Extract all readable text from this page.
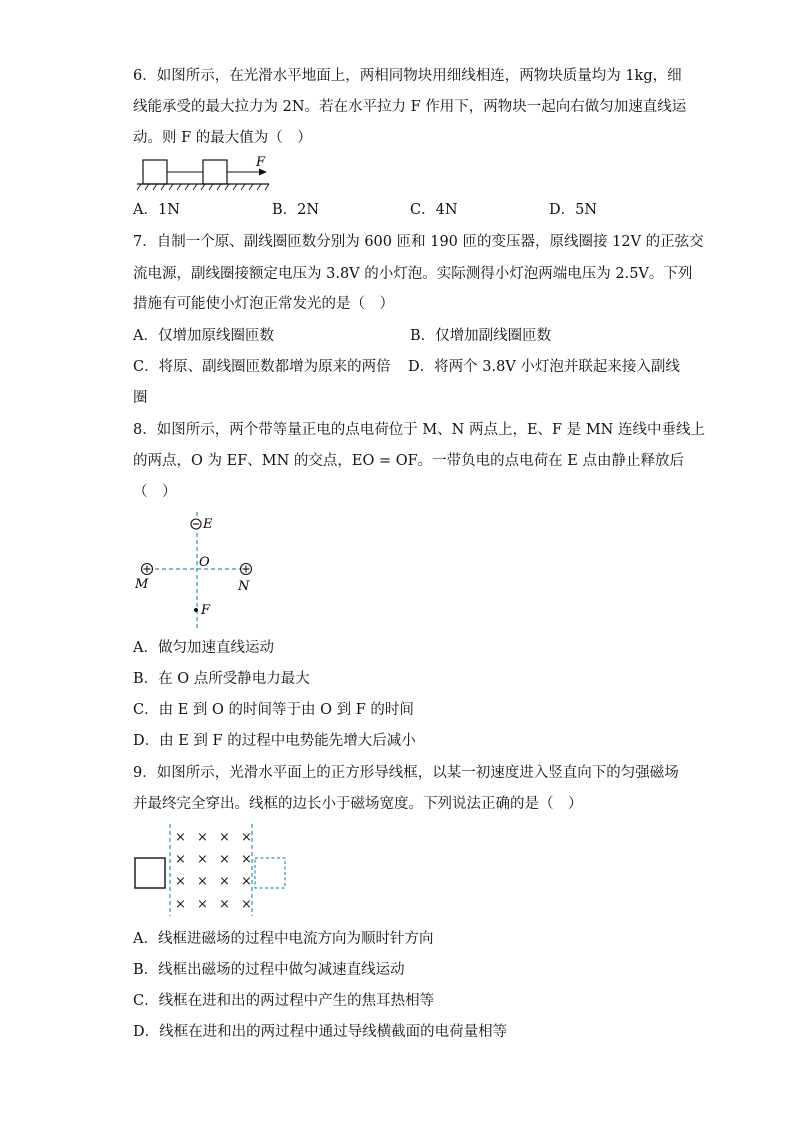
6．如图所示，在光滑水平地面上，两相同物块用细线相连，两物块质量均为 1kg，细
线能承受的最大拉力为 2N。若在水平拉力 F 作用下，两物块一起向右做匀加速直线运
动。则 F 的最大值为（　）
F
A．1N	B．2N	C．4N	D．5N
7．自制一个原、副线圈匝数分别为 600 匝和 190 匝的变压器，原线圈接 12V 的正弦交
流电源，副线圈接额定电压为 3.8V 的小灯泡。实际测得小灯泡两端电压为 2.5V。下列
措施有可能使小灯泡正常发光的是（　）
A．仅增加原线圈匝数	B．仅增加副线圈匝数
C．将原、副线圈匝数都增为原来的两倍 D．将两个 3.8V 小灯泡并联起来接入副线
圈
8．如图所示，两个带等量正电的点电荷位于 M、N 两点上，E、F 是 MN 连线中垂线上
的两点，O 为 EF、MN 的交点，EO = OF。一带负电的点电荷在 E 点由静止释放后
（　）
E
O
M	N
F
A．做匀加速直线运动
B．在 O 点所受静电力最大
C．由 E 到 O 的时间等于由 O 到 F 的时间
D．由 E 到 F 的过程中电势能先增大后减小
9．如图所示，光滑水平面上的正方形导线框，以某一初速度进入竖直向下的匀强磁场
并最终完全穿出。线框的边长小于磁场宽度。下列说法正确的是（　）
× × × ×
× × × ×
× × × ×
× × × ×
A．线框进磁场的过程中电流方向为顺时针方向
B．线框出磁场的过程中做匀减速直线运动
C．线框在进和出的两过程中产生的焦耳热相等
D．线框在进和出的两过程中通过导线横截面的电荷量相等
